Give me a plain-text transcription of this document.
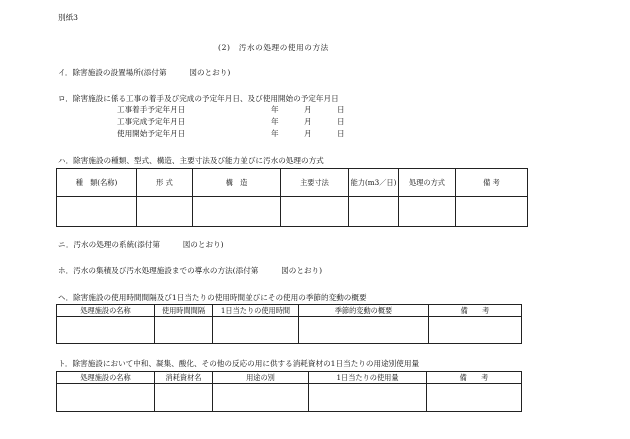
別紙3
(2)　汚水の処理の使用の方法
イ．除害施設の設置場所(添付第　　　図のとおり)
ロ．除害施設に係る工事の着手及び完成の予定年月日、及び使用開始の予定年月日
工事着手予定年月日	年	月	日
工事完成予定年月日	年	月	日
使用開始予定年月日	年	月	日
ハ．除害施設の種類、型式、構造、主要寸法及び能力並びに汚水の処理の方式
種　類(名称)	形 式	構　造	主要寸法	能力(m3／日)	処理の方式	備 考

ニ．汚水の処理の系統(添付第　　　図のとおり)
ホ．汚水の集積及び汚水処理施設までの導水の方法(添付第　　　図のとおり)
ヘ．除害施設の使用時間間隔及び1日当たりの使用時間並びにその使用の季節的変動の概要
処理施設の名称	使用時間間隔	1日当たりの使用時間	季節的変動の概要	備　　考

ト．除害施設において中和、凝集、酸化、その他の反応の用に供する消耗資材の1日当たりの用途別使用量
処理施設の名称	消耗資材名	用途の別	1日当たりの使用量	備　　考
